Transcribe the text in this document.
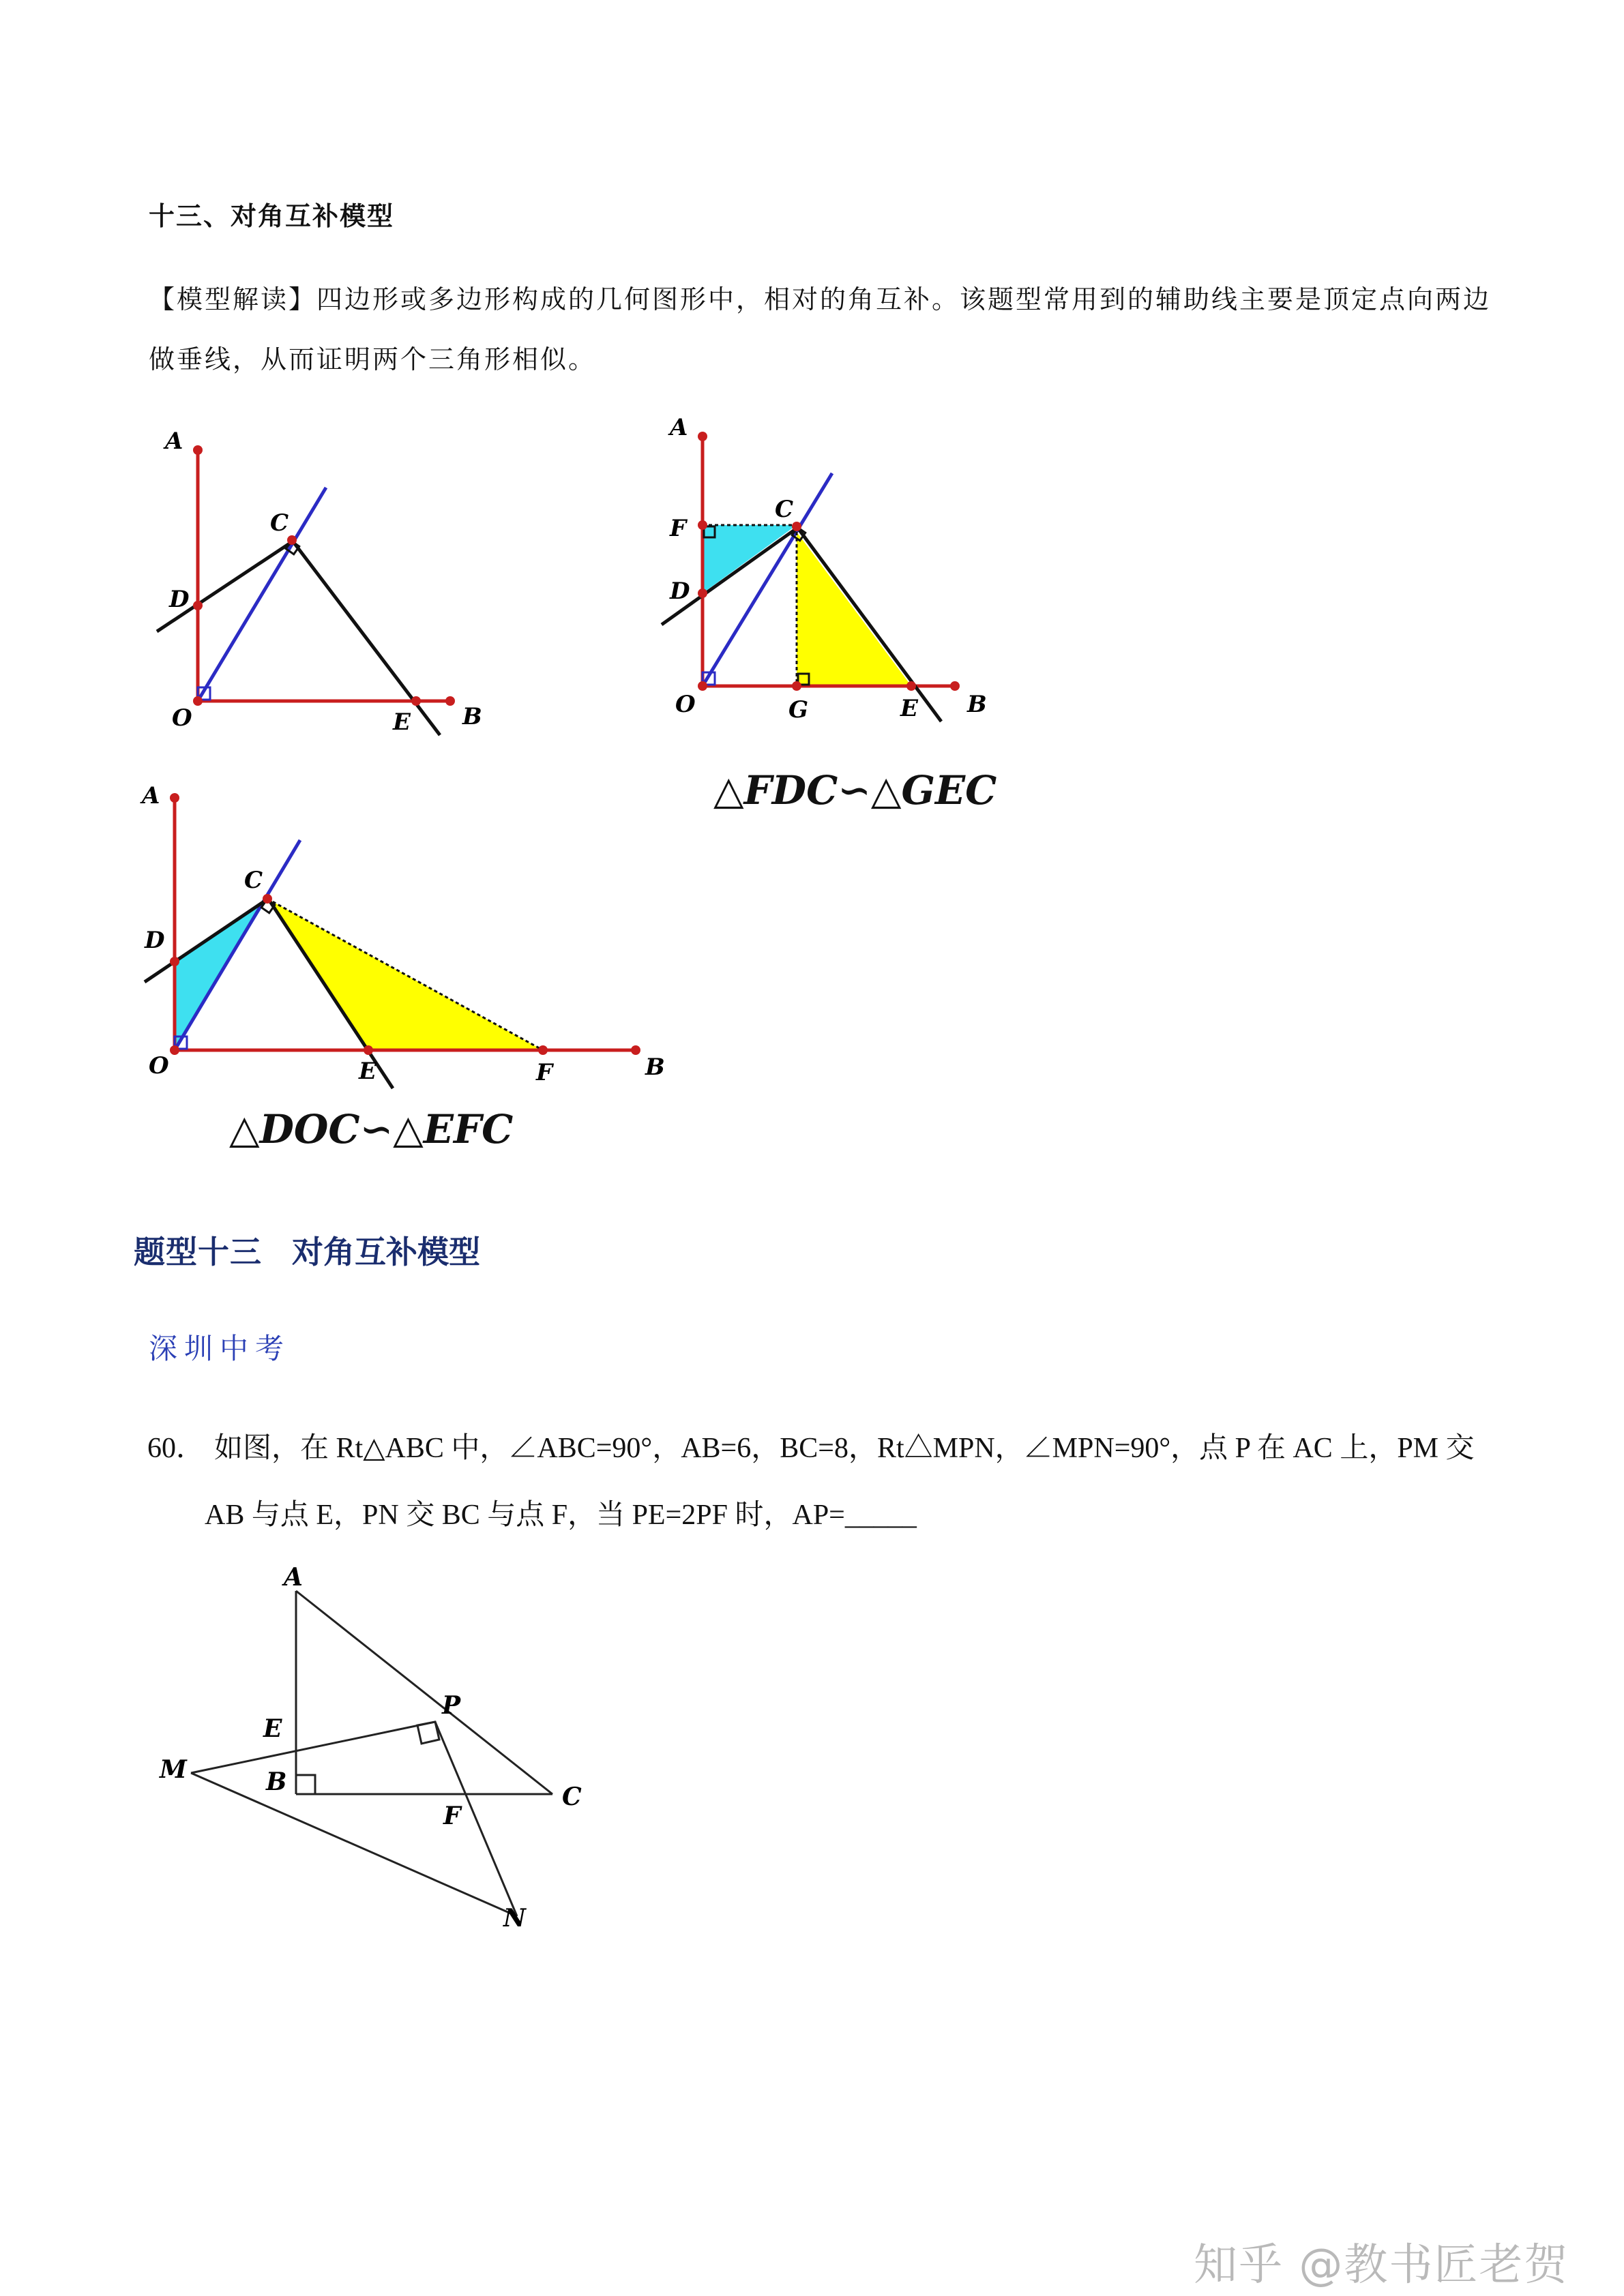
十三、对角互补模型
【模型解读】四边形或多边形构成的几何图形中，相对的角互补。该题型常用到的辅助线主要是顶定点向两边做垂线，从而证明两个三角形相似。
A
C
D
O	E B
A
F
C
D
O	G	E B
△FDC∽△GEC
A
C
D
O	E	F	B
△DOC∽△EFC
题型十三 对角互补模型
深圳中考
60． 如图，在 Rt△ABC 中，∠ABC=90°，AB=6，BC=8，Rt△MPN，∠MPN=90°，点 P 在 AC 上，PM 交
AB 与点 E，PN 交 BC 与点 F，当 PE=2PF 时，AP=_____
A
P
E
M	B
C
F
N
知乎 @教书匠老贺
